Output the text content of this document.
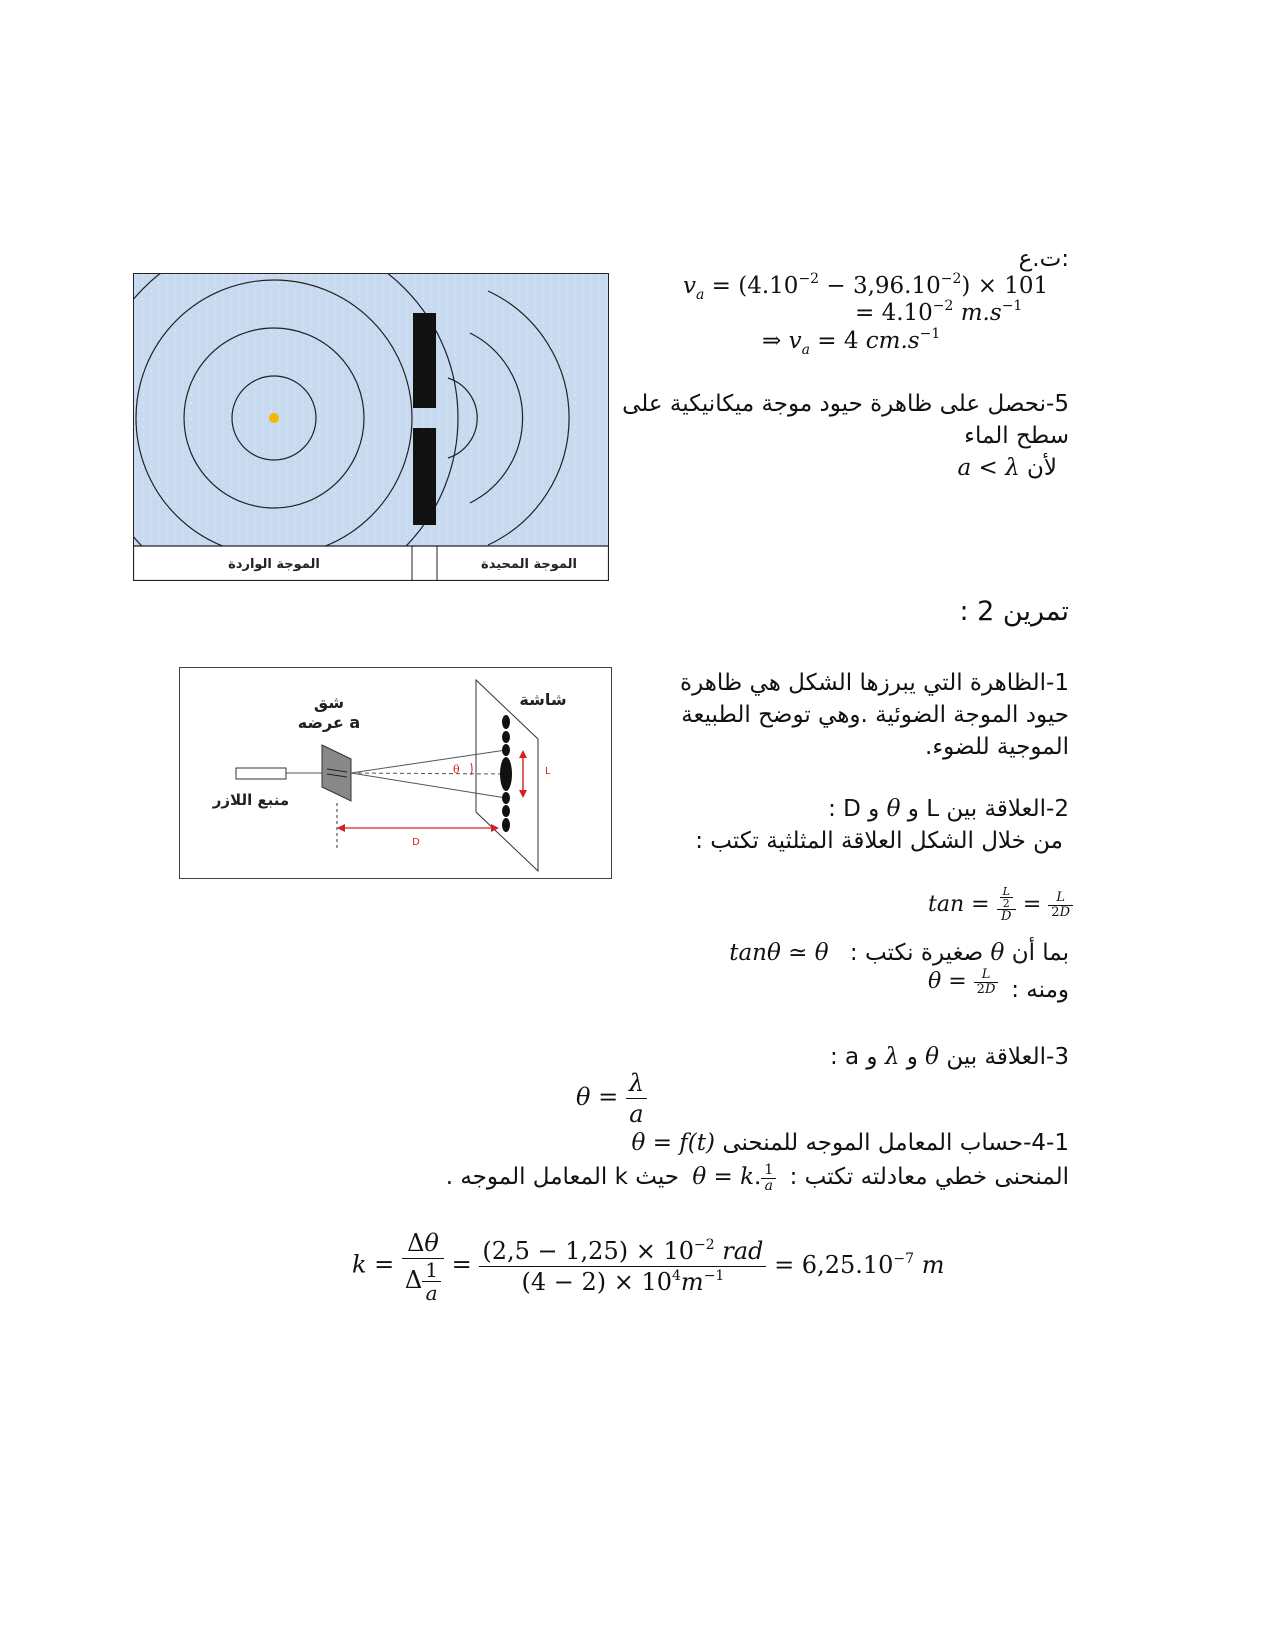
:ت.ع
$v_a = (4.10^{-2} - 3,96.10^{-2}) \times 101$
= $4.10^{-2}$ $m.s^{-1}$
⇒ $v_a = 4$ $cm.s^{-1}$
5-نحصل على ظاهرة حيود موجة ميكانيكية على
سطح الماء
لأن a < λ
الموجة الواردة	الموجة المحيدة
تمرين 2 :
1-الظاهرة التي يبرزها الشكل هي ظاهرة حيود الموجة الضوئية .وهي توضح الطبيعة الموجية للضوء.
L
θ
D
شاشة
شق
عرضه a
منبع اللازر	2-العلاقة بين L و θ و D :
من خلال الشكل العلاقة المثلثية تكتب :
$\tan = \frac{\frac{L}{2}}{D} = \frac{L}{2D}$
بما أن θ صغيرة نكتب : tanθ ≃ θ
ومنه :
$\theta = \frac{L}{2D}$
3-العلاقة بين θ و λ و a :
$\theta = \frac{\lambda}{a}$
4-1-حساب المعامل الموجه للمنحنى θ = f(t)
المنحنى خطي معادلته تكتب : θ = k. $\frac{1}{a}$
حيث k المعامل الموجه .
$k = \frac{\Delta\theta}{\Delta \frac{1}{a}} = \frac{(2,5 - 1,25) \times 10^{-2} rad}{(4 - 2) \times 10^4m^{-1}} = 6,25.10^{-7}$ m
